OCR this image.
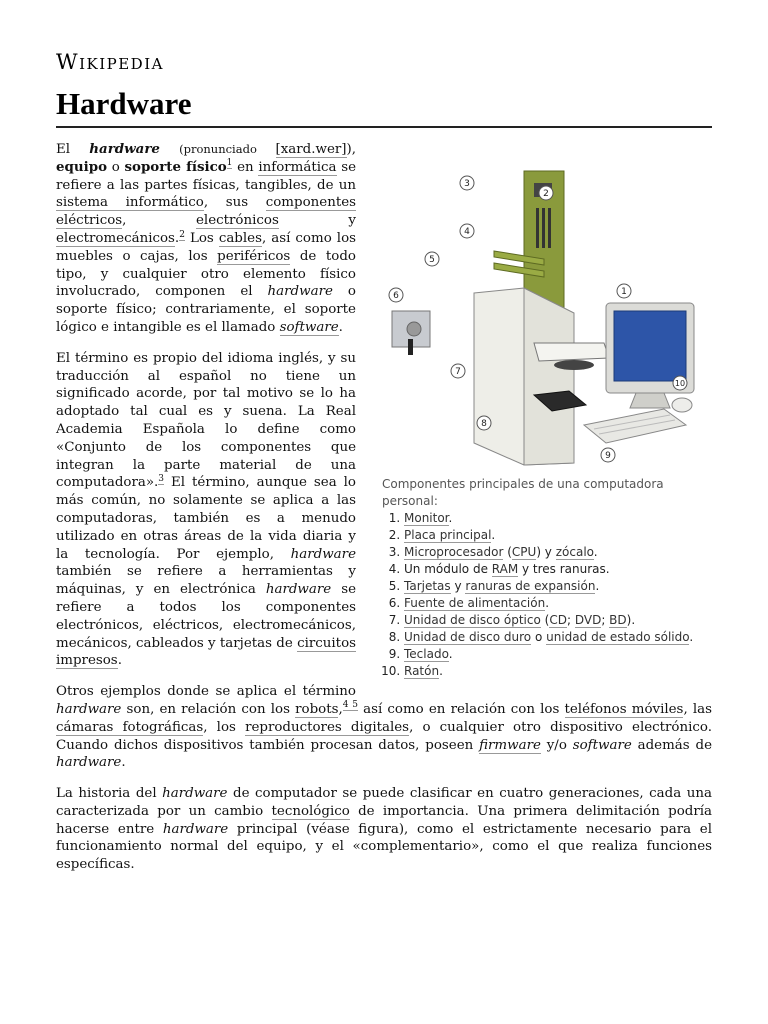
Wikipedia
Hardware
1
2
3
4
5
6
7
8
9
10
Componentes principales de una computadora personal:
1. Monitor.
2. Placa principal.
3. Microprocesador (CPU) y zócalo.
4. Un módulo de RAM y tres ranuras.
5. Tarjetas y ranuras de expansión.
6. Fuente de alimentación.
7. Unidad de disco óptico (CD; DVD; BD).
8. Unidad de disco duro o unidad de estado sólido.
9. Teclado.
10. Ratón.

El hardware (pronunciado [xard.wer]), equipo o soporte físico$^1$ en informática se refiere a las partes físicas, tangibles, de un sistema informático, sus componentes eléctricos, electrónicos y electromecánicos.$^2$ Los cables, así como los muebles o cajas, los periféricos de todo tipo, y cualquier otro elemento físico involucrado, componen el hardware o soporte físico; contrariamente, el soporte lógico e intangible es el llamado software.

El término es propio del idioma inglés, y su traducción al español no tiene un significado acorde, por tal motivo se lo ha adoptado tal cual es y suena. La Real Academia Española lo define como «Conjunto de los componentes que integran la parte material de una computadora».$^3$ El término, aunque sea lo más común, no solamente se aplica a las computadoras, también es a menudo utilizado en otras áreas de la vida diaria y la tecnología. Por ejemplo, hardware también se refiere a herramientas y máquinas, y en electrónica hardware se refiere a todos los componentes electrónicos, eléctricos, electromecánicos, mecánicos, cableados y tarjetas de circuitos impresos.

Otros ejemplos donde se aplica el término hardware son, en relación con los robots,$^{4 5}$ así como en relación con los teléfonos móviles, las cámaras fotográficas, los reproductores digitales, o cualquier otro dispositivo electrónico. Cuando dichos dispositivos también procesan datos, poseen firmware y/o software además de hardware.

La historia del hardware de computador se puede clasificar en cuatro generaciones, cada una caracterizada por un cambio tecnológico de importancia. Una primera delimitación podría hacerse entre hardware principal (véase figura), como el estrictamente necesario para el funcionamiento normal del equipo, y el «complementario», como el que realiza funciones específicas.
